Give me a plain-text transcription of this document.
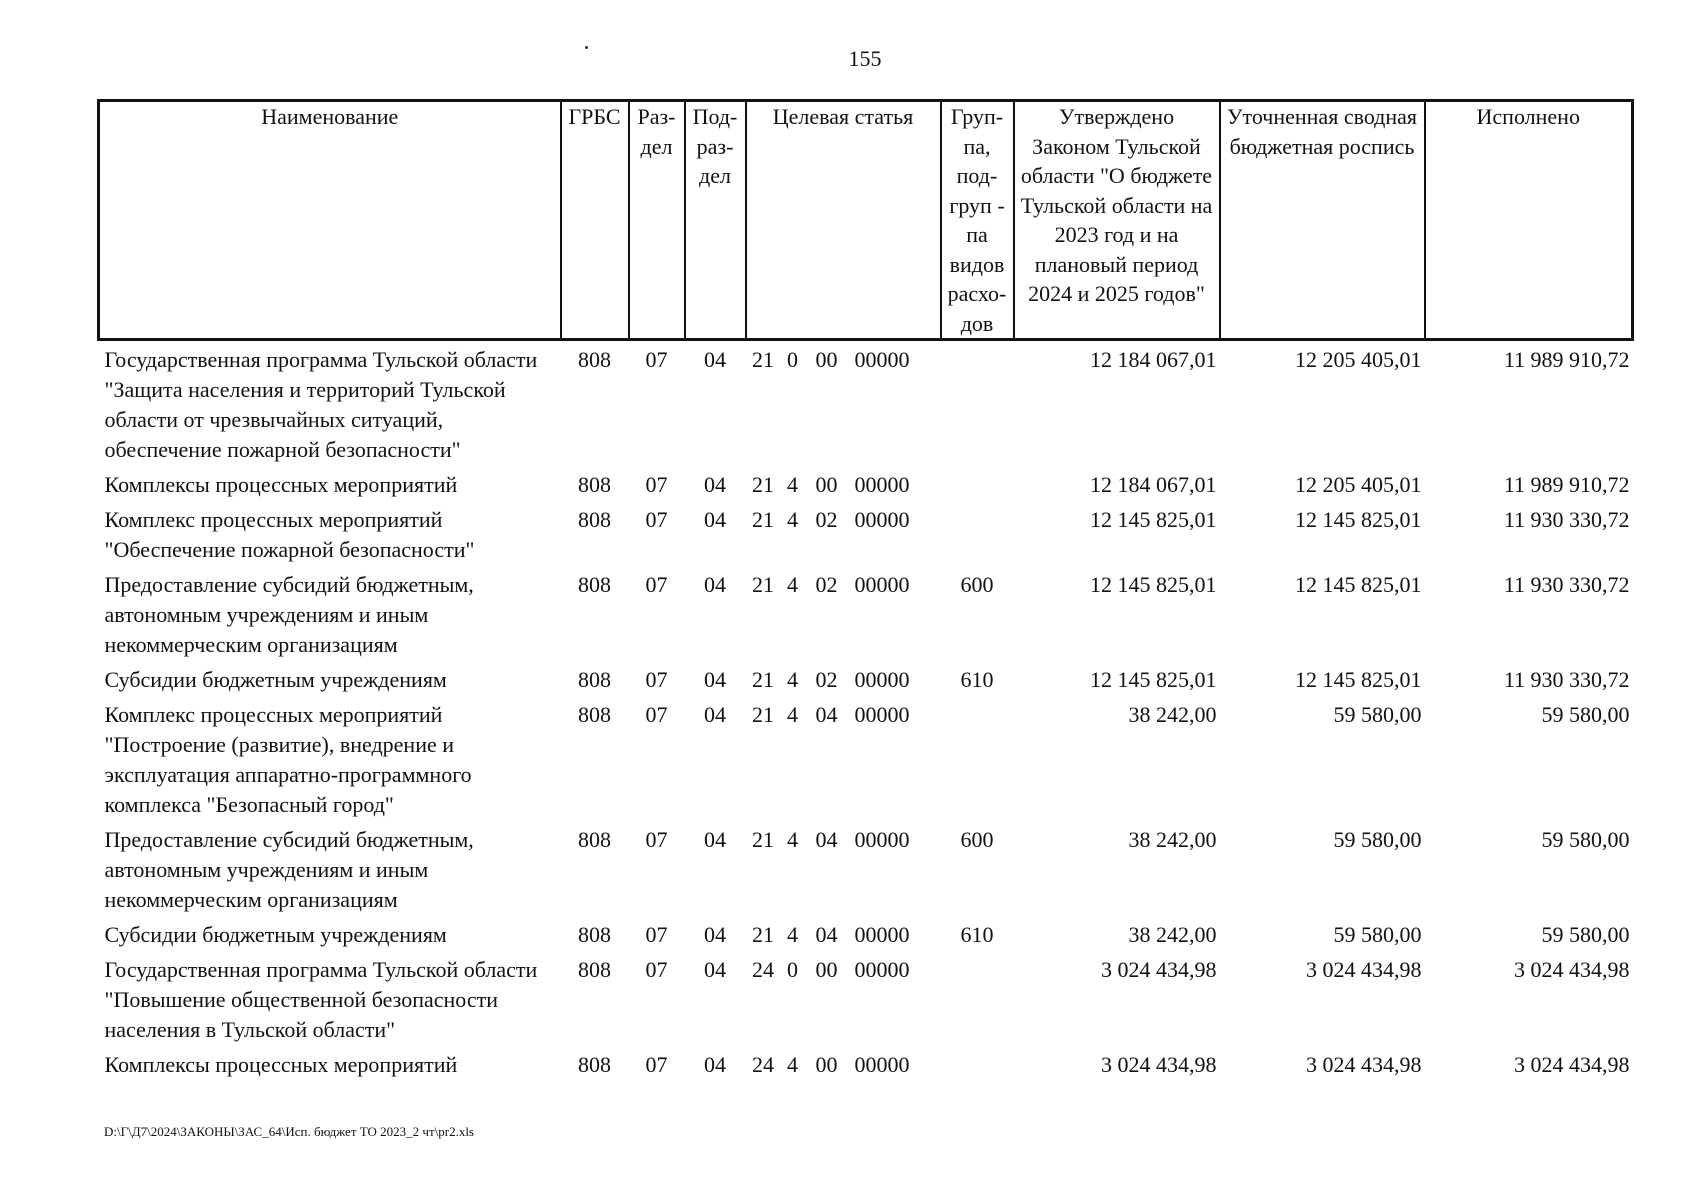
155
Наименование	ГРБС	Раз- дел	Под- раз- дел	Целевая статья				Груп- па, под- груп - па видов расхо- дов	Утверждено Законом Тульской области "О бюджете Тульской области на 2023 год и на плановый период 2024 и 2025 годов"	Уточненная сводная бюджетная роспись	Исполнено
Государственная программа Тульской области "Защита населения и территорий Тульской области от чрезвычайных ситуаций, обеспечение пожарной безопасности"	808	07	04	21	0	00	00000		12 184 067,01	12 205 405,01	11 989 910,72
Комплексы процессных мероприятий	808	07	04	21	4	00	00000		12 184 067,01	12 205 405,01	11 989 910,72
Комплекс процессных мероприятий "Обеспечение пожарной безопасности"	808	07	04	21	4	02	00000		12 145 825,01	12 145 825,01	11 930 330,72
Предоставление субсидий бюджетным, автономным учреждениям и иным некоммерческим организациям	808	07	04	21	4	02	00000	600	12 145 825,01	12 145 825,01	11 930 330,72
Субсидии бюджетным учреждениям	808	07	04	21	4	02	00000	610	12 145 825,01	12 145 825,01	11 930 330,72
Комплекс процессных мероприятий "Построение (развитие), внедрение и эксплуатация аппаратно-программного комплекса "Безопасный город"	808	07	04	21	4	04	00000		38 242,00	59 580,00	59 580,00
Предоставление субсидий бюджетным, автономным учреждениям и иным некоммерческим организациям	808	07	04	21	4	04	00000	600	38 242,00	59 580,00	59 580,00
Субсидии бюджетным учреждениям	808	07	04	21	4	04	00000	610	38 242,00	59 580,00	59 580,00
Государственная программа Тульской области "Повышение общественной безопасности населения в Тульской области"	808	07	04	24	0	00	00000		3 024 434,98	3 024 434,98	3 024 434,98
Комплексы процессных мероприятий	808	07	04	24	4	00	00000		3 024 434,98	3 024 434,98	3 024 434,98
D:\Г\Д7\2024\ЗАКОНЫ\ЗАС_64\Исп. бюджет ТО 2023_2 чт\pr2.xls
